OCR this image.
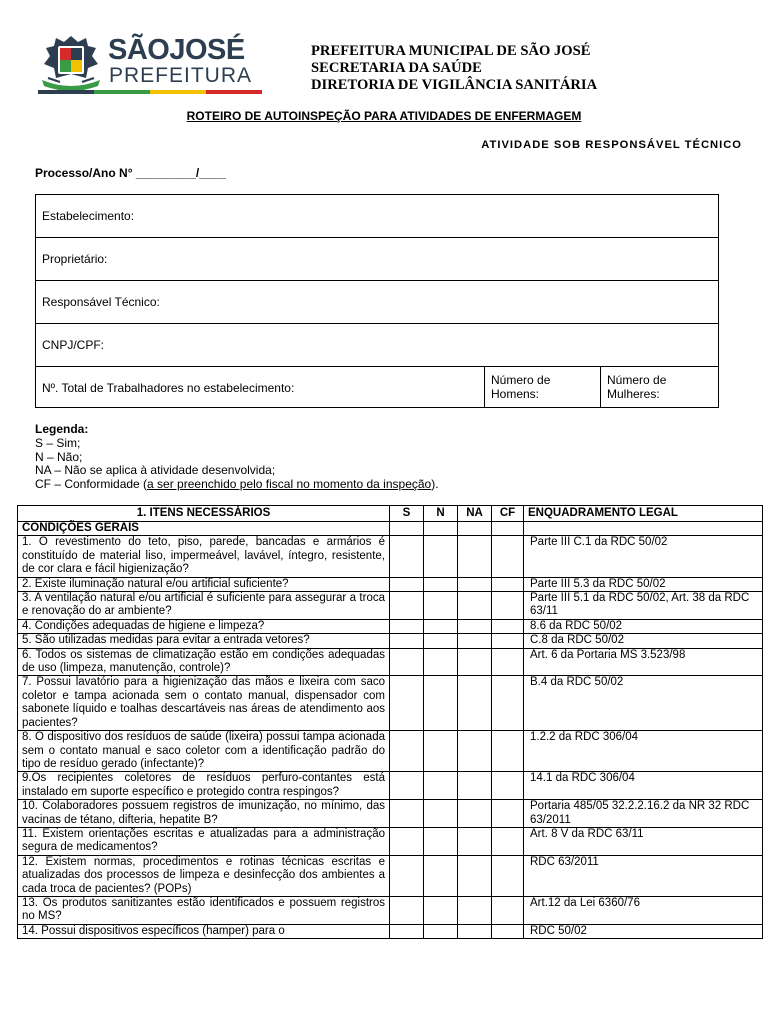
SÃOJOSÉ
PREFEITURA
PREFEITURA MUNICIPAL DE SÃO JOSÉ
SECRETARIA DA SAÚDE
DIRETORIA DE VIGILÂNCIA SANITÁRIA
ROTEIRO DE AUTOINSPEÇÃO PARA ATIVIDADES DE ENFERMAGEM
ATIVIDADE SOB RESPONSÁVEL TÉCNICO
Processo/Ano N° _________/____
Estabelecimento:
Proprietário:
Responsável Técnico:
CNPJ/CPF:
Nº. Total de Trabalhadores no estabelecimento:
Número de
Homens:
Número de
Mulheres:
Legenda:
S – Sim;
N – Não;
NA – Não se aplica à atividade desenvolvida;
CF – Conformidade (a ser preenchido pelo fiscal no momento da inspeção).
1. ITENS NECESSÁRIOS	S	N	NA	CF	ENQUADRAMENTO LEGAL
CONDIÇÕES GERAIS					
1. O revestimento do teto, piso, parede, bancadas e armários é constituído de material liso, impermeável, lavável, íntegro, resistente, de cor clara e fácil higienização?					Parte III C.1 da RDC 50/02
2. Existe iluminação natural e/ou artificial suficiente?					Parte III 5.3 da RDC 50/02
3. A ventilação natural e/ou artificial é suficiente para assegurar a troca e renovação do ar ambiente?					Parte III 5.1 da RDC 50/02, Art. 38 da RDC 63/11
4. Condições adequadas de higiene e limpeza?					8.6 da RDC 50/02
5. São utilizadas medidas para evitar a entrada vetores?					C.8 da RDC 50/02
6. Todos os sistemas de climatização estão em condições adequadas de uso (limpeza, manutenção, controle)?					Art. 6 da Portaria MS 3.523/98
7. Possui lavatório para a higienização das mãos e lixeira com saco coletor e tampa acionada sem o contato manual, dispensador com sabonete líquido e toalhas descartáveis nas áreas de atendimento aos pacientes?					B.4 da RDC 50/02
8. O dispositivo dos resíduos de saúde (lixeira) possui tampa acionada sem o contato manual e saco coletor com a identificação padrão do tipo de resíduo gerado (infectante)?					1.2.2 da RDC 306/04
9.Os recipientes coletores de resíduos perfuro-contantes está instalado em suporte específico e protegido contra respingos?					14.1 da RDC 306/04
10. Colaboradores possuem registros de imunização, no mínimo, das vacinas de tétano, difteria, hepatite B?					Portaria 485/05 32.2.2.16.2 da NR 32 RDC 63/2011
11. Existem orientações escritas e atualizadas para a administração segura de medicamentos?					Art. 8 V da RDC 63/11
12. Existem normas, procedimentos e rotinas técnicas escritas e atualizadas dos processos de limpeza e desinfecção dos ambientes a cada troca de pacientes? (POPs)					RDC 63/2011
13. Os produtos sanitizantes estão identificados e possuem registros no MS?					Art.12 da Lei 6360/76
14. Possui dispositivos específicos (hamper) para o					RDC 50/02
